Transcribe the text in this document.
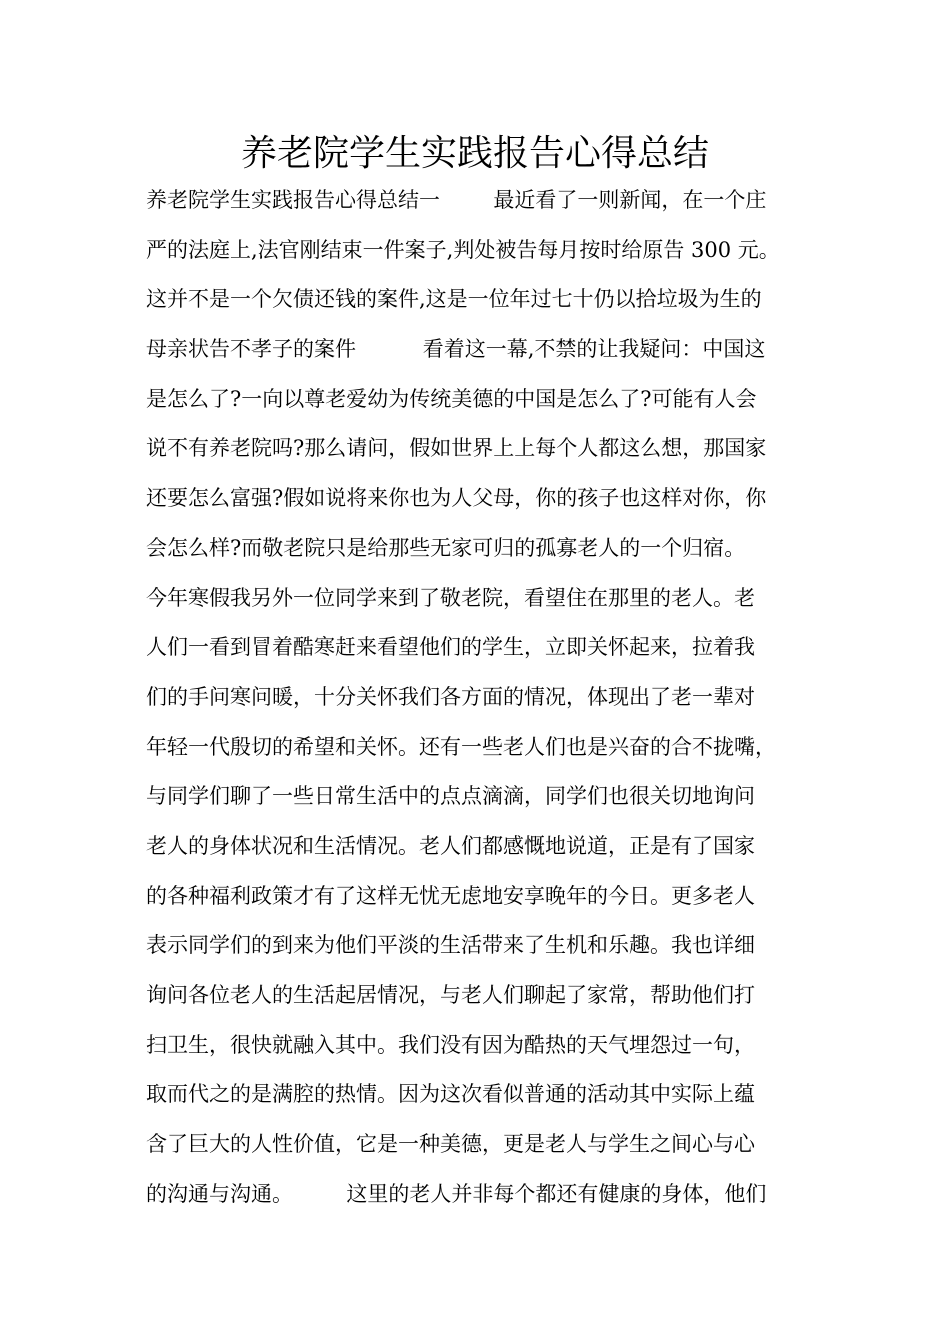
养老院学生实践报告心得总结
养老院学生实践报告心得总结一        最近看了一则新闻，在一个庄
严的法庭上,法官刚结束一件案子,判处被告每月按时给原告 300 元。
这并不是一个欠债还钱的案件,这是一位年过七十仍以拾垃圾为生的
母亲状告不孝子的案件          看着这一幕,不禁的让我疑问：中国这
是怎么了?一向以尊老爱幼为传统美德的中国是怎么了?可能有人会
说不有养老院吗?那么请问，假如世界上上每个人都这么想，那国家
还要怎么富强?假如说将来你也为人父母，你的孩子也这样对你，你
会怎么样?而敬老院只是给那些无家可归的孤寡老人的一个归宿。
今年寒假我另外一位同学来到了敬老院，看望住在那里的老人。老
人们一看到冒着酷寒赶来看望他们的学生，立即关怀起来，拉着我
们的手问寒问暖，十分关怀我们各方面的情况，体现出了老一辈对
年轻一代殷切的希望和关怀。还有一些老人们也是兴奋的合不拢嘴，
与同学们聊了一些日常生活中的点点滴滴，同学们也很关切地询问
老人的身体状况和生活情况。老人们都感慨地说道，正是有了国家
的各种福利政策才有了这样无忧无虑地安享晚年的今日。更多老人
表示同学们的到来为他们平淡的生活带来了生机和乐趣。我也详细
询问各位老人的生活起居情况，与老人们聊起了家常，帮助他们打
扫卫生，很快就融入其中。我们没有因为酷热的天气埋怨过一句，
取而代之的是满腔的热情。因为这次看似普通的活动其中实际上蕴
含了巨大的人性价值，它是一种美德，更是老人与学生之间心与心
的沟通与沟通。        这里的老人并非每个都还有健康的身体，他们
